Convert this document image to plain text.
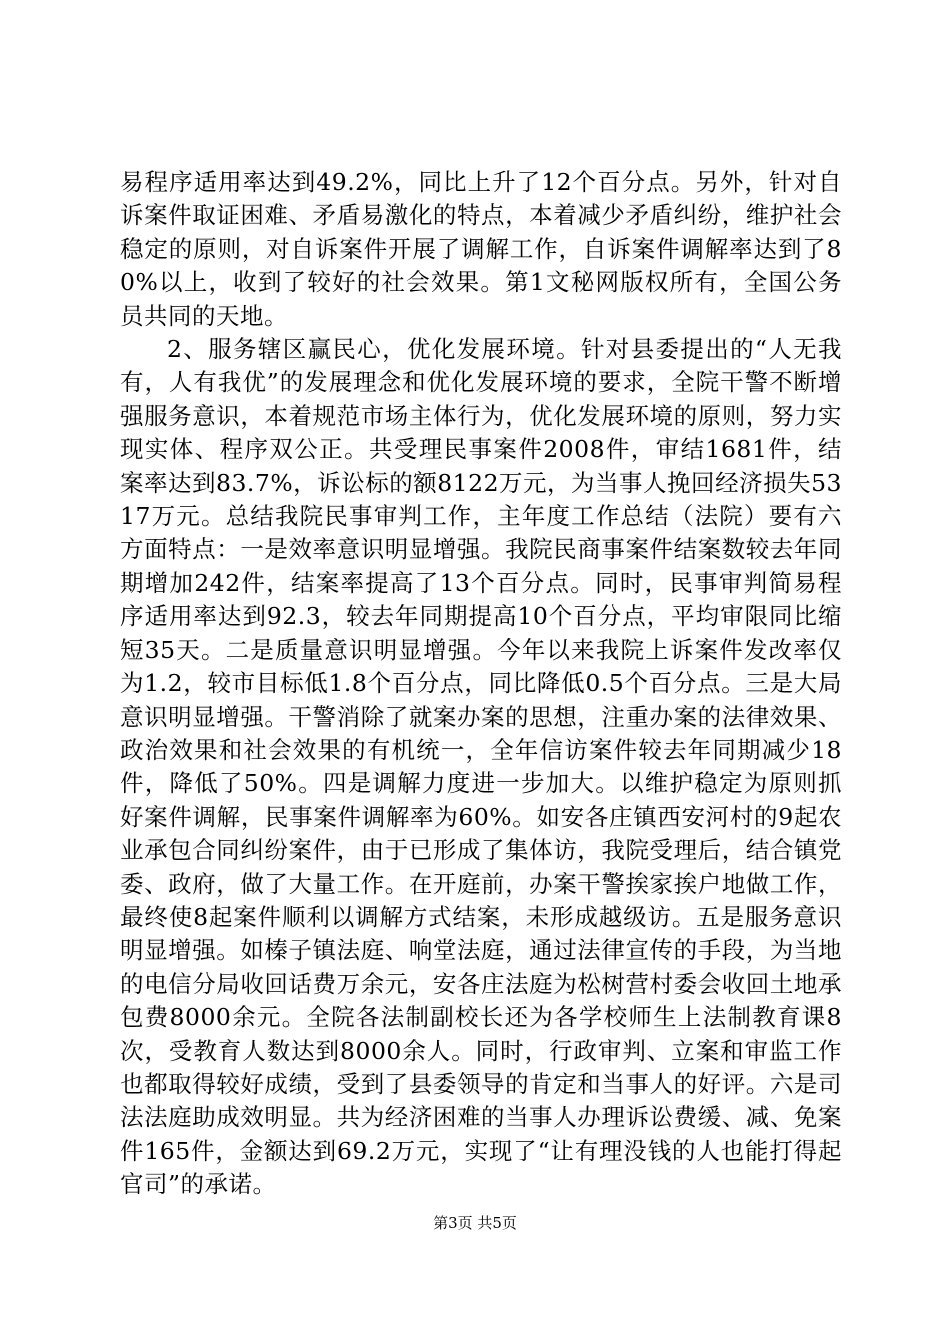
易程序适用率达到49.2%，同比上升了12个百分点。另外，针对自诉案件取证困难、矛盾易激化的特点，本着减少矛盾纠纷，维护社会稳定的原则，对自诉案件开展了调解工作，自诉案件调解率达到了80%以上，收到了较好的社会效果。第1文秘网版权所有，全国公务员共同的天地。

2、服务辖区赢民心，优化发展环境。针对县委提出的“人无我有，人有我优”的发展理念和优化发展环境的要求，全院干警不断增强服务意识，本着规范市场主体行为，优化发展环境的原则，努力实现实体、程序双公正。共受理民事案件2008件，审结1681件，结案率达到83.7%，诉讼标的额8122万元，为当事人挽回经济损失5317万元。总结我院民事审判工作，主年度工作总结（法院）要有六方面特点：一是效率意识明显增强。我院民商事案件结案数较去年同期增加242件，结案率提高了13个百分点。同时，民事审判简易程序适用率达到92.3，较去年同期提高10个百分点，平均审限同比缩短35天。二是质量意识明显增强。今年以来我院上诉案件发改率仅为1.2，较市目标低1.8个百分点，同比降低0.5个百分点。三是大局意识明显增强。干警消除了就案办案的思想，注重办案的法律效果、政治效果和社会效果的有机统一，全年信访案件较去年同期减少18件，降低了50%。四是调解力度进一步加大。以维护稳定为原则抓好案件调解，民事案件调解率为60%。如安各庄镇西安河村的9起农业承包合同纠纷案件，由于已形成了集体访，我院受理后，结合镇党委、政府，做了大量工作。在开庭前，办案干警挨家挨户地做工作，最终使8起案件顺利以调解方式结案，未形成越级访。五是服务意识明显增强。如榛子镇法庭、响堂法庭，通过法律宣传的手段，为当地的电信分局收回话费万余元，安各庄法庭为松树营村委会收回土地承包费8000余元。全院各法制副校长还为各学校师生上法制教育课8次，受教育人数达到8000余人。同时，行政审判、立案和审监工作也都取得较好成绩，受到了县委领导的肯定和当事人的好评。六是司法法庭助成效明显。共为经济困难的当事人办理诉讼费缓、减、免案件165件，金额达到69.2万元，实现了“让有理没钱的人也能打得起官司”的承诺。

第3页 共5页
